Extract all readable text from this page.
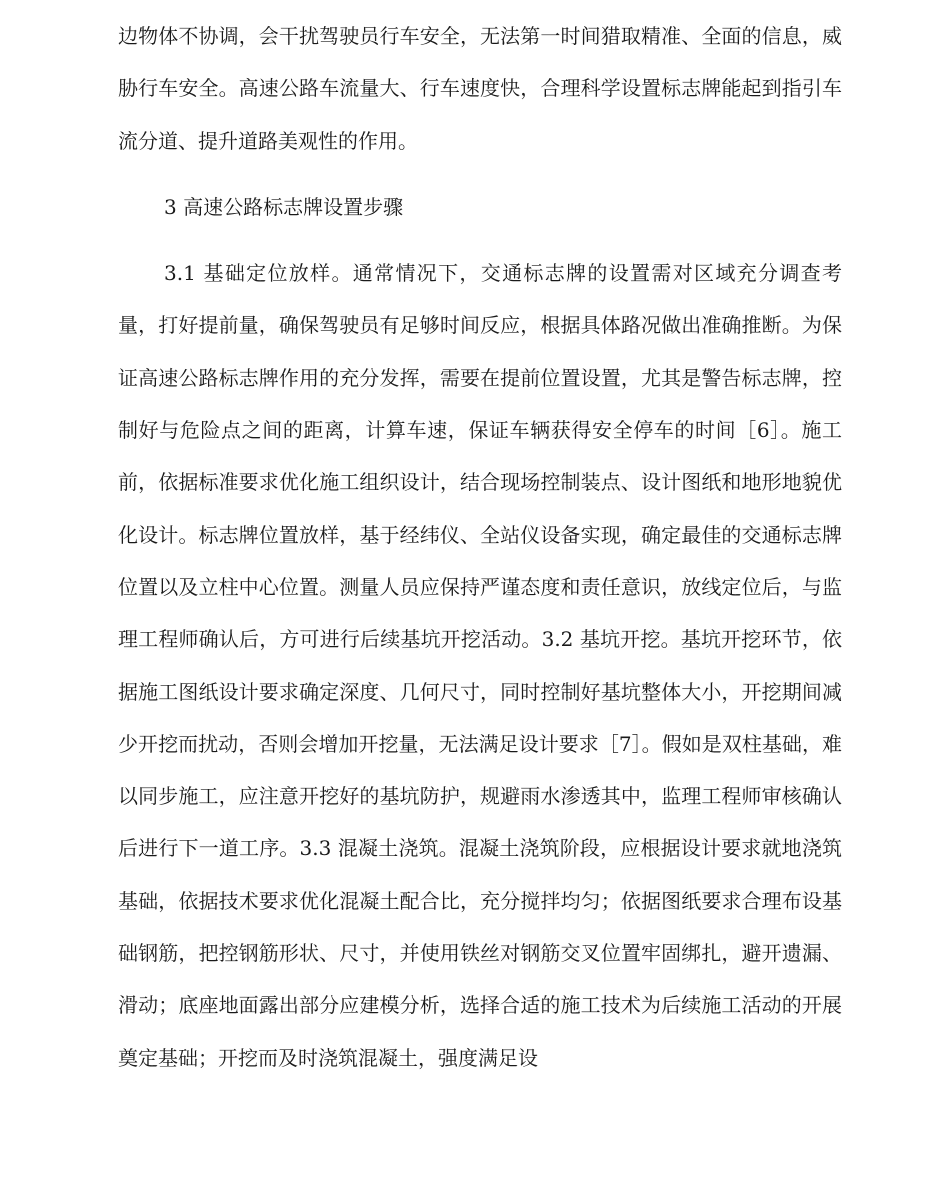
边物体不协调，会干扰驾驶员行车安全，无法第一时间猎取精准、全面的信息，威胁行车安全。高速公路车流量大、行车速度快，合理科学设置标志牌能起到指引车流分道、提升道路美观性的作用。

3 高速公路标志牌设置步骤

3.1 基础定位放样。通常情况下，交通标志牌的设置需对区域充分调查考量，打好提前量，确保驾驶员有足够时间反应，根据具体路况做出准确推断。为保证高速公路标志牌作用的充分发挥，需要在提前位置设置，尤其是警告标志牌，控制好与危险点之间的距离，计算车速，保证车辆获得安全停车的时间［6］。施工前，依据标准要求优化施工组织设计，结合现场控制装点、设计图纸和地形地貌优化设计。标志牌位置放样，基于经纬仪、全站仪设备实现，确定最佳的交通标志牌位置以及立柱中心位置。测量人员应保持严谨态度和责任意识，放线定位后，与监理工程师确认后，方可进行后续基坑开挖活动。3.2 基坑开挖。基坑开挖环节，依据施工图纸设计要求确定深度、几何尺寸，同时控制好基坑整体大小，开挖期间减少开挖而扰动，否则会增加开挖量，无法满足设计要求［7］。假如是双柱基础，难以同步施工，应注意开挖好的基坑防护，规避雨水渗透其中，监理工程师审核确认后进行下一道工序。3.3 混凝土浇筑。混凝土浇筑阶段，应根据设计要求就地浇筑基础，依据技术要求优化混凝土配合比，充分搅拌均匀；依据图纸要求合理布设基础钢筋，把控钢筋形状、尺寸，并使用铁丝对钢筋交叉位置牢固绑扎，避开遗漏、滑动；底座地面露出部分应建模分析，选择合适的施工技术为后续施工活动的开展奠定基础；开挖而及时浇筑混凝土，强度满足设
